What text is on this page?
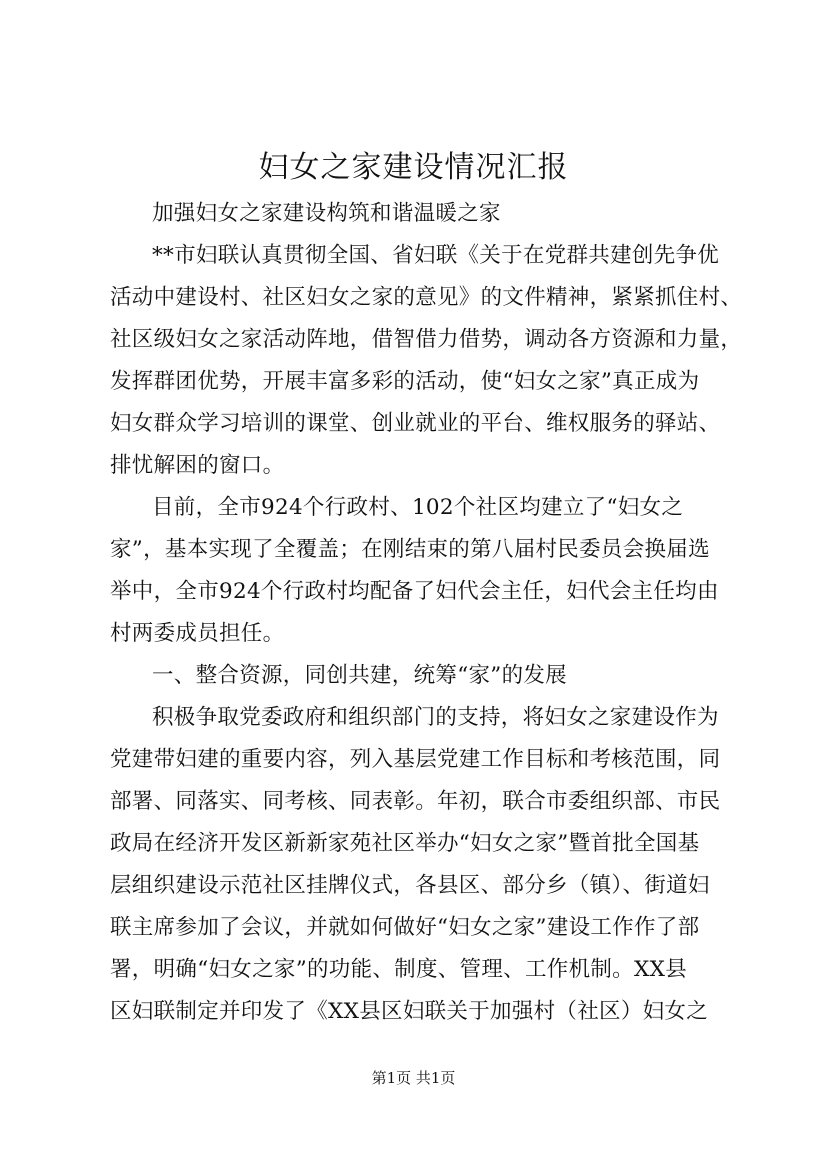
妇女之家建设情况汇报
加强妇女之家建设构筑和谐温暖之家
**市妇联认真贯彻全国、省妇联《关于在党群共建创先争优
活动中建设村、社区妇女之家的意见》的文件精神，紧紧抓住村、
社区级妇女之家活动阵地，借智借力借势，调动各方资源和力量，
发挥群团优势，开展丰富多彩的活动，使“妇女之家”真正成为
妇女群众学习培训的课堂、创业就业的平台、维权服务的驿站、
排忧解困的窗口。
目前，全市924个行政村、102个社区均建立了“妇女之
家”，基本实现了全覆盖；在刚结束的第八届村民委员会换届选
举中，全市924个行政村均配备了妇代会主任，妇代会主任均由
村两委成员担任。
一、整合资源，同创共建，统筹“家”的发展
积极争取党委政府和组织部门的支持，将妇女之家建设作为
党建带妇建的重要内容，列入基层党建工作目标和考核范围，同
部署、同落实、同考核、同表彰。年初，联合市委组织部、市民
政局在经济开发区新新家苑社区举办“妇女之家”暨首批全国基
层组织建设示范社区挂牌仪式，各县区、部分乡（镇）、街道妇
联主席参加了会议，并就如何做好“妇女之家”建设工作作了部
署，明确“妇女之家”的功能、制度、管理、工作机制。XX县
区妇联制定并印发了《XX县区妇联关于加强村（社区）妇女之
第1页 共1页
